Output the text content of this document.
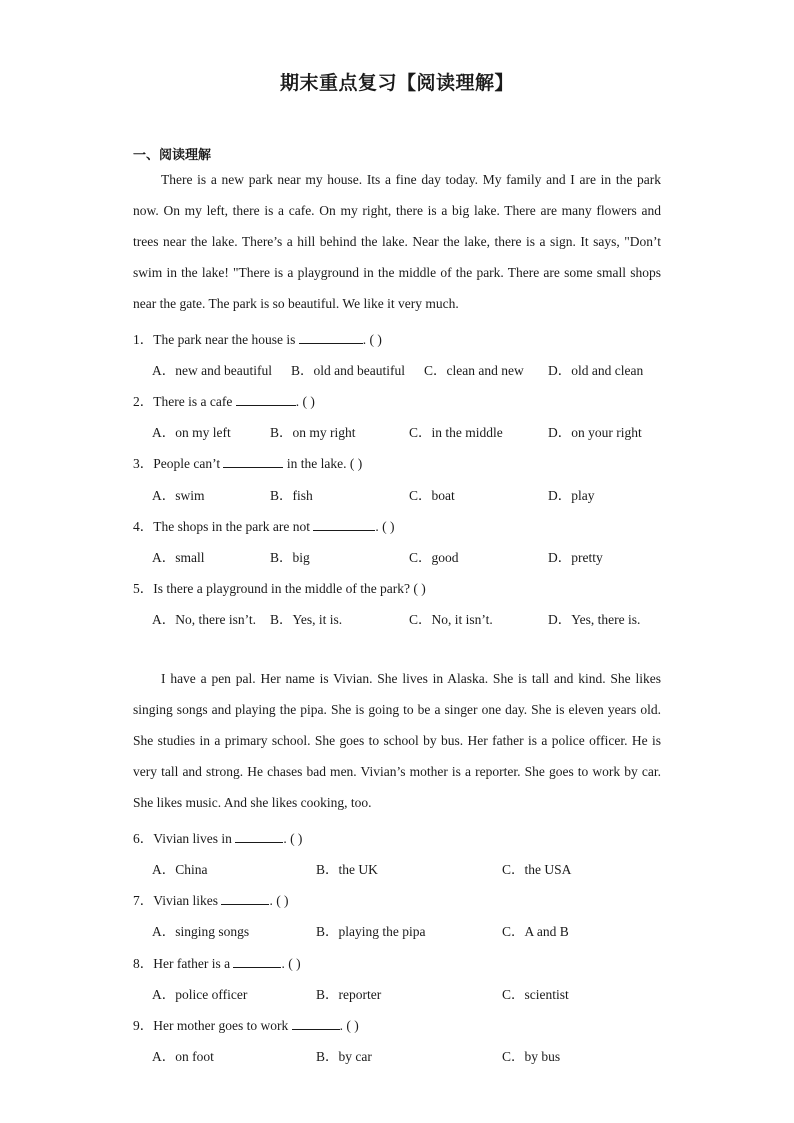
期末重点复习【阅读理解】
一、阅读理解

There is a new park near my house. Its a fine day today. My family and I are in the park now. On my left, there is a cafe. On my right, there is a big lake. There are many flowers and trees near the lake. There’s a hill behind the lake. Near the lake, there is a sign. It says, "Don’t swim in the lake! "There is a playground in the middle of the park. There are some small shops near the gate. The park is so beautiful. We like it very much.

1．The park near the house is	. ( )
A．new and beautiful B．old and beautiful C．clean and new D．old and clean
2．There is a cafe	. ( )
A．on my left	B．on my right	C．in the middle	D．on your right
3．People can’t	in the lake. ( )
A．swim	B．fish	C．boat	D．play
4．The shops in the park are not	. ( )
A．small	B．big	C．good	D．pretty
5．Is there a playground in the middle of the park? ( )
A．No, there isn’t. B．Yes, it is.	C．No, it isn’t.	D．Yes, there is.

I have a pen pal. Her name is Vivian. She lives in Alaska. She is tall and kind. She likes singing songs and playing the pipa. She is going to be a singer one day. She is eleven years old. She studies in a primary school. She goes to school by bus. Her father is a police officer. He is very tall and strong. He chases bad men. Vivian’s mother is a reporter. She goes to work by car. She likes music. And she likes cooking, too.

6．Vivian lives in	. ( )
A．China	B．the UK	C．the USA
7．Vivian likes	. ( )
A．singing songs	B．playing the pipa	C．A and B
8．Her father is a	. ( )
A．police officer	B．reporter	C．scientist
9．Her mother goes to work	. ( )
A．on foot	B．by car	C．by bus
